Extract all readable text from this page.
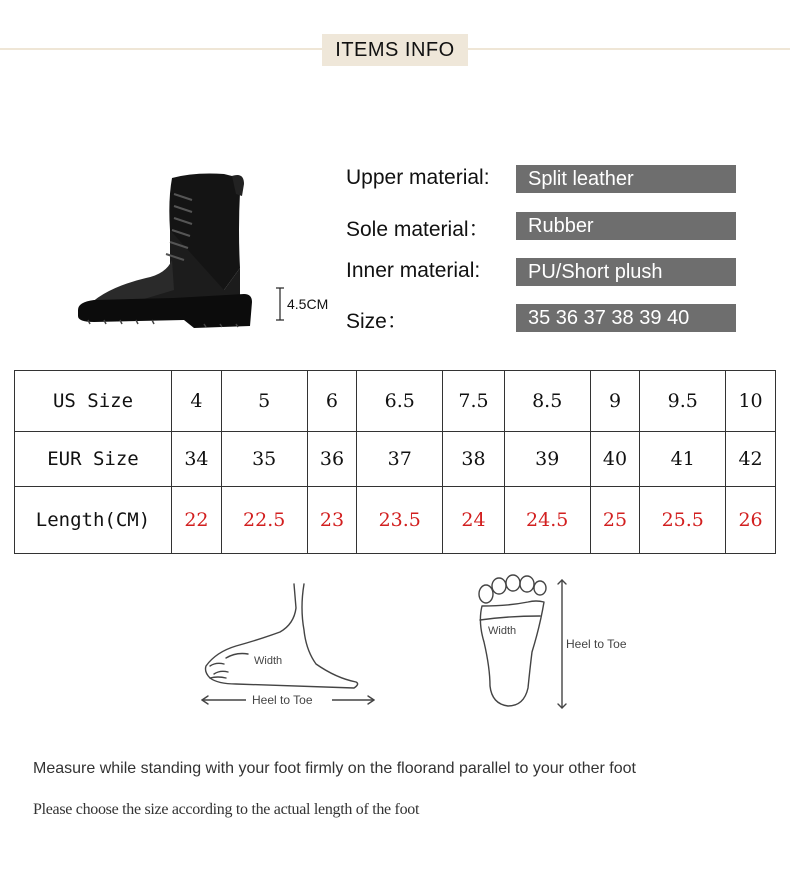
ITEMS INFO
4.5CM
Upper material:	Split leather
Sole material：	Rubber
Inner material:	PU/Short plush
Size：	35 36 37 38 39 40
US Size	4	5	6	6.5	7.5	8.5	9	9.5	10
EUR Size	34	35	36	37	38	39	40	41	42
Length(CM)	22	22.5	23	23.5	24	24.5	25	25.5	26
Width
Heel to Toe
Width
Heel to Toe
Measure while standing with your foot firmly on the floorand parallel to your other foot
Please choose the size according to the actual length of the foot
